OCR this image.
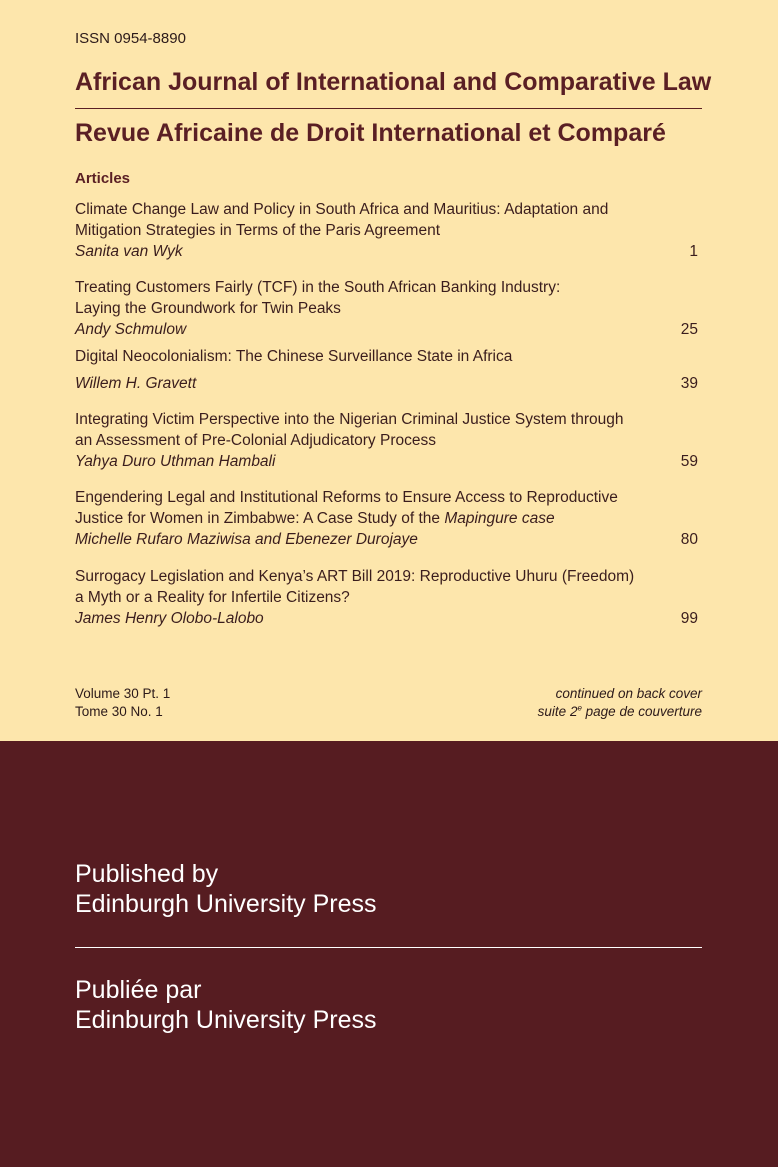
ISSN 0954-8890
African Journal of International and Comparative Law
Revue Africaine de Droit International et Comparé
Articles
Climate Change Law and Policy in South Africa and Mauritius: Adaptation and
Mitigation Strategies in Terms of the Paris Agreement
Sanita van Wyk	1
Treating Customers Fairly (TCF) in the South African Banking Industry:
Laying the Groundwork for Twin Peaks
Andy Schmulow	25
Digital Neocolonialism: The Chinese Surveillance State in Africa
Willem H. Gravett	39
Integrating Victim Perspective into the Nigerian Criminal Justice System through
an Assessment of Pre-Colonial Adjudicatory Process
Yahya Duro Uthman Hambali	59
Engendering Legal and Institutional Reforms to Ensure Access to Reproductive
Justice for Women in Zimbabwe: A Case Study of the Mapingure case
Michelle Rufaro Maziwisa and Ebenezer Durojaye	80
Surrogacy Legislation and Kenya’s ART Bill 2019: Reproductive Uhuru (Freedom)
a Myth or a Reality for Infertile Citizens?
James Henry Olobo-Lalobo	99
Volume 30 Pt. 1
Tome 30 No. 1
continued on back cover
suite 2e page de couverture
Published by
Edinburgh University Press
Publiée par
Edinburgh University Press
